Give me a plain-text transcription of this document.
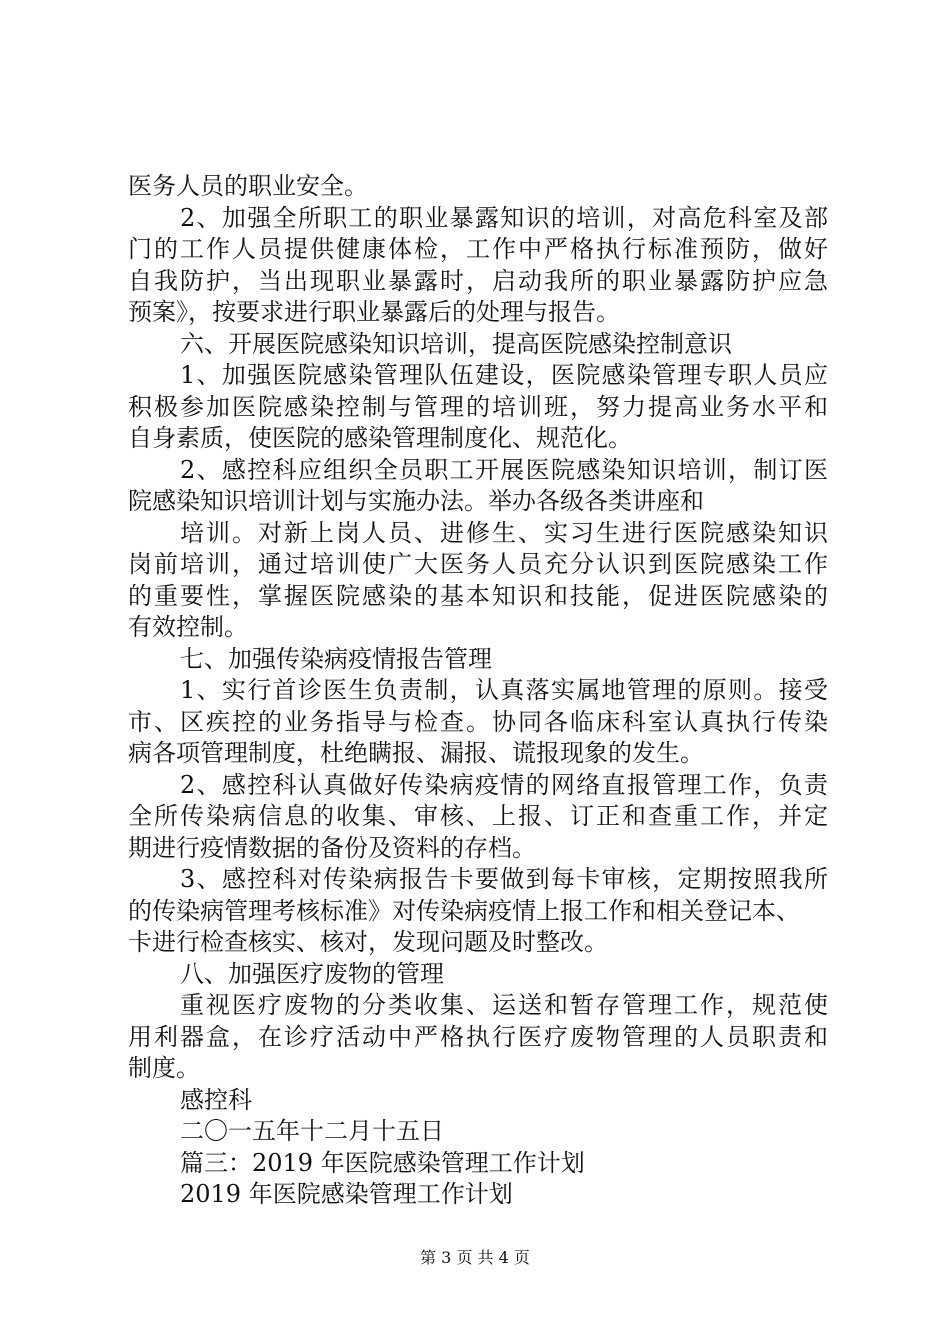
医务人员的职业安全。
2、加强全所职工的职业暴露知识的培训，对高危科室及部
门的工作人员提供健康体检，工作中严格执行标准预防，做好
自我防护，当出现职业暴露时，启动我所的职业暴露防护应急
预案》，按要求进行职业暴露后的处理与报告。
六、开展医院感染知识培训，提高医院感染控制意识
1、加强医院感染管理队伍建设，医院感染管理专职人员应
积极参加医院感染控制与管理的培训班，努力提高业务水平和
自身素质，使医院的感染管理制度化、规范化。
2、感控科应组织全员职工开展医院感染知识培训，制订医
院感染知识培训计划与实施办法。举办各级各类讲座和
培训。对新上岗人员、进修生、实习生进行医院感染知识
岗前培训，通过培训使广大医务人员充分认识到医院感染工作
的重要性，掌握医院感染的基本知识和技能，促进医院感染的
有效控制。
七、加强传染病疫情报告管理
1、实行首诊医生负责制，认真落实属地管理的原则。接受
市、区疾控的业务指导与检查。协同各临床科室认真执行传染
病各项管理制度，杜绝瞒报、漏报、谎报现象的发生。
2、感控科认真做好传染病疫情的网络直报管理工作，负责
全所传染病信息的收集、审核、上报、订正和查重工作，并定
期进行疫情数据的备份及资料的存档。
3、感控科对传染病报告卡要做到每卡审核，定期按照我所
的传染病管理考核标准》对传染病疫情上报工作和相关登记本、
卡进行检查核实、核对，发现问题及时整改。
八、加强医疗废物的管理
重视医疗废物的分类收集、运送和暂存管理工作，规范使
用利器盒，在诊疗活动中严格执行医疗废物管理的人员职责和
制度。
感控科
二〇一五年十二月十五日
篇三：2019 年医院感染管理工作计划
2019 年医院感染管理工作计划
第 3 页 共 4 页
